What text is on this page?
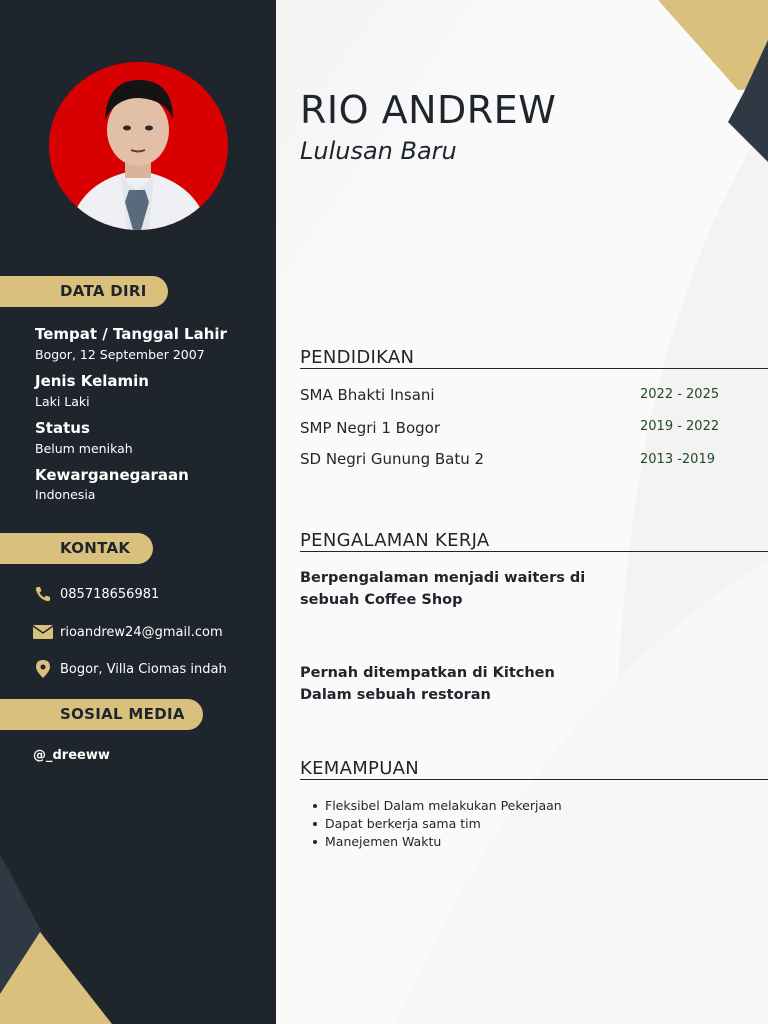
DATA DIRI
Tempat / Tanggal Lahir
Bogor, 12 September 2007
Jenis Kelamin
Laki Laki
Status
Belum menikah
Kewarganegaraan
Indonesia
KONTAK
085718656981
rioandrew24@gmail.com
Bogor, Villa Ciomas indah
SOSIAL MEDIA
@_dreeww
RIO ANDREW
Lulusan Baru
PENDIDIKAN
SMA Bhakti Insani	2022 - 2025
SMP Negri 1 Bogor	2019 - 2022
SD Negri Gunung Batu 2	2013 -2019
PENGALAMAN KERJA
Berpengalaman menjadi waiters di sebuah Coffee Shop
Pernah ditempatkan di Kitchen Dalam sebuah restoran
KEMAMPUAN
Fleksibel Dalam melakukan Pekerjaan
Dapat berkerja sama tim
Manejemen Waktu
